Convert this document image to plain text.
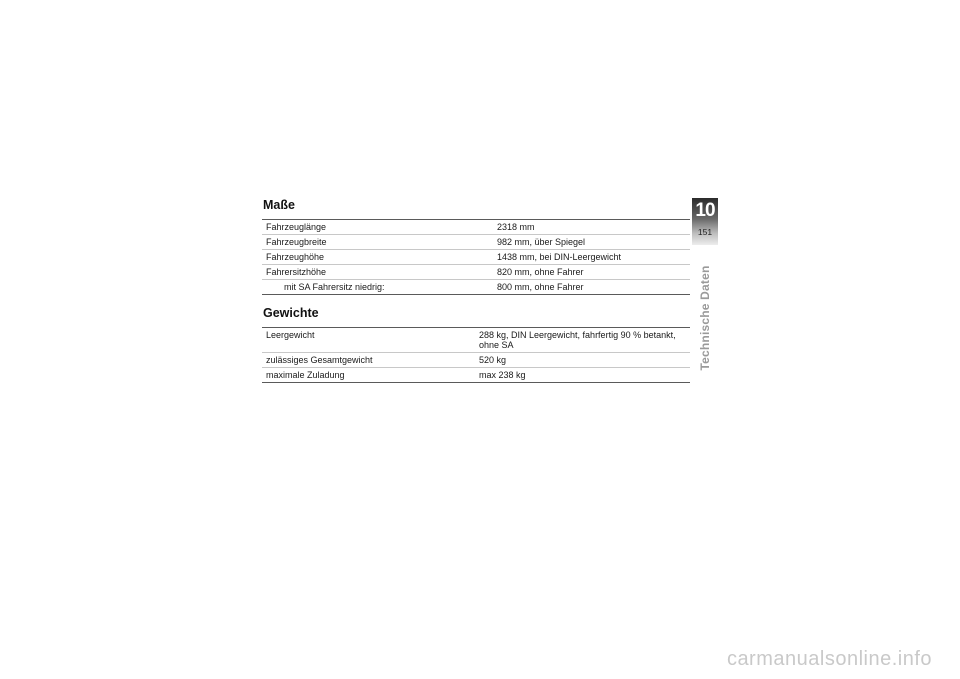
Maße
Fahrzeuglänge	2318 mm
Fahrzeugbreite	982 mm, über Spiegel
Fahrzeughöhe	1438 mm, bei DIN-Leergewicht
Fahrersitzhöhe	820 mm, ohne Fahrer
mit SA Fahrersitz niedrig:	800 mm, ohne Fahrer
Gewichte
Leergewicht	288 kg, DIN Leergewicht, fahrfertig 90 % betankt,
ohne SA

zulässiges Gesamtgewicht	520 kg
maximale Zuladung	max 238 kg
10
151
Technische Daten
carmanualsonline.info
